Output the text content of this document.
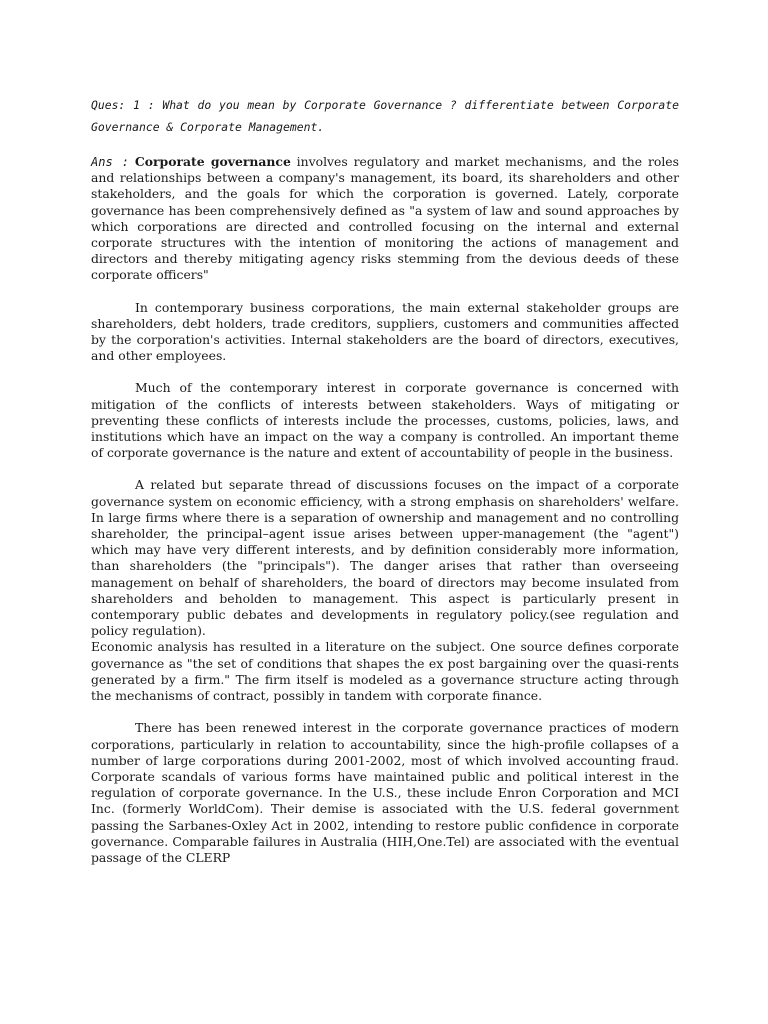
Ques: 1 : What do you mean by Corporate Governance ? differentiate between Corporate Governance & Corporate Management.

Ans : Corporate governance involves regulatory and market mechanisms, and the roles and relationships between a company's management, its board, its shareholders and other stakeholders, and the goals for which the corporation is governed. Lately, corporate governance has been comprehensively defined as "a system of law and sound approaches by which corporations are directed and controlled focusing on the internal and external corporate structures with the intention of monitoring the actions of management and directors and thereby mitigating agency risks stemming from the devious deeds of these corporate officers"

In contemporary business corporations, the main external stakeholder groups are shareholders, debt holders, trade creditors, suppliers, customers and communities affected by the corporation's activities. Internal stakeholders are the board of directors, executives, and other employees.

Much of the contemporary interest in corporate governance is concerned with mitigation of the conflicts of interests between stakeholders. Ways of mitigating or preventing these conflicts of interests include the processes, customs, policies, laws, and institutions which have an impact on the way a company is controlled. An important theme of corporate governance is the nature and extent of accountability of people in the business.

A related but separate thread of discussions focuses on the impact of a corporate governance system on economic efficiency, with a strong emphasis on shareholders' welfare. In large firms where there is a separation of ownership and management and no controlling shareholder, the principal–agent issue arises between upper-management (the "agent") which may have very different interests, and by definition considerably more information, than shareholders (the "principals"). The danger arises that rather than overseeing management on behalf of shareholders, the board of directors may become insulated from shareholders and beholden to management. This aspect is particularly present in contemporary public debates and developments in regulatory policy.(see regulation and policy regulation).

Economic analysis has resulted in a literature on the subject. One source defines corporate governance as "the set of conditions that shapes the ex post bargaining over the quasi-rents generated by a firm." The firm itself is modeled as a governance structure acting through the mechanisms of contract, possibly in tandem with corporate finance.

There has been renewed interest in the corporate governance practices of modern corporations, particularly in relation to accountability, since the high-profile collapses of a number of large corporations during 2001-2002, most of which involved accounting fraud. Corporate scandals of various forms have maintained public and political interest in the regulation of corporate governance. In the U.S., these include Enron Corporation and MCI Inc. (formerly WorldCom). Their demise is associated with the U.S. federal government passing the Sarbanes-Oxley Act in 2002, intending to restore public confidence in corporate governance. Comparable failures in Australia (HIH,One.Tel) are associated with the eventual passage of the CLERP
